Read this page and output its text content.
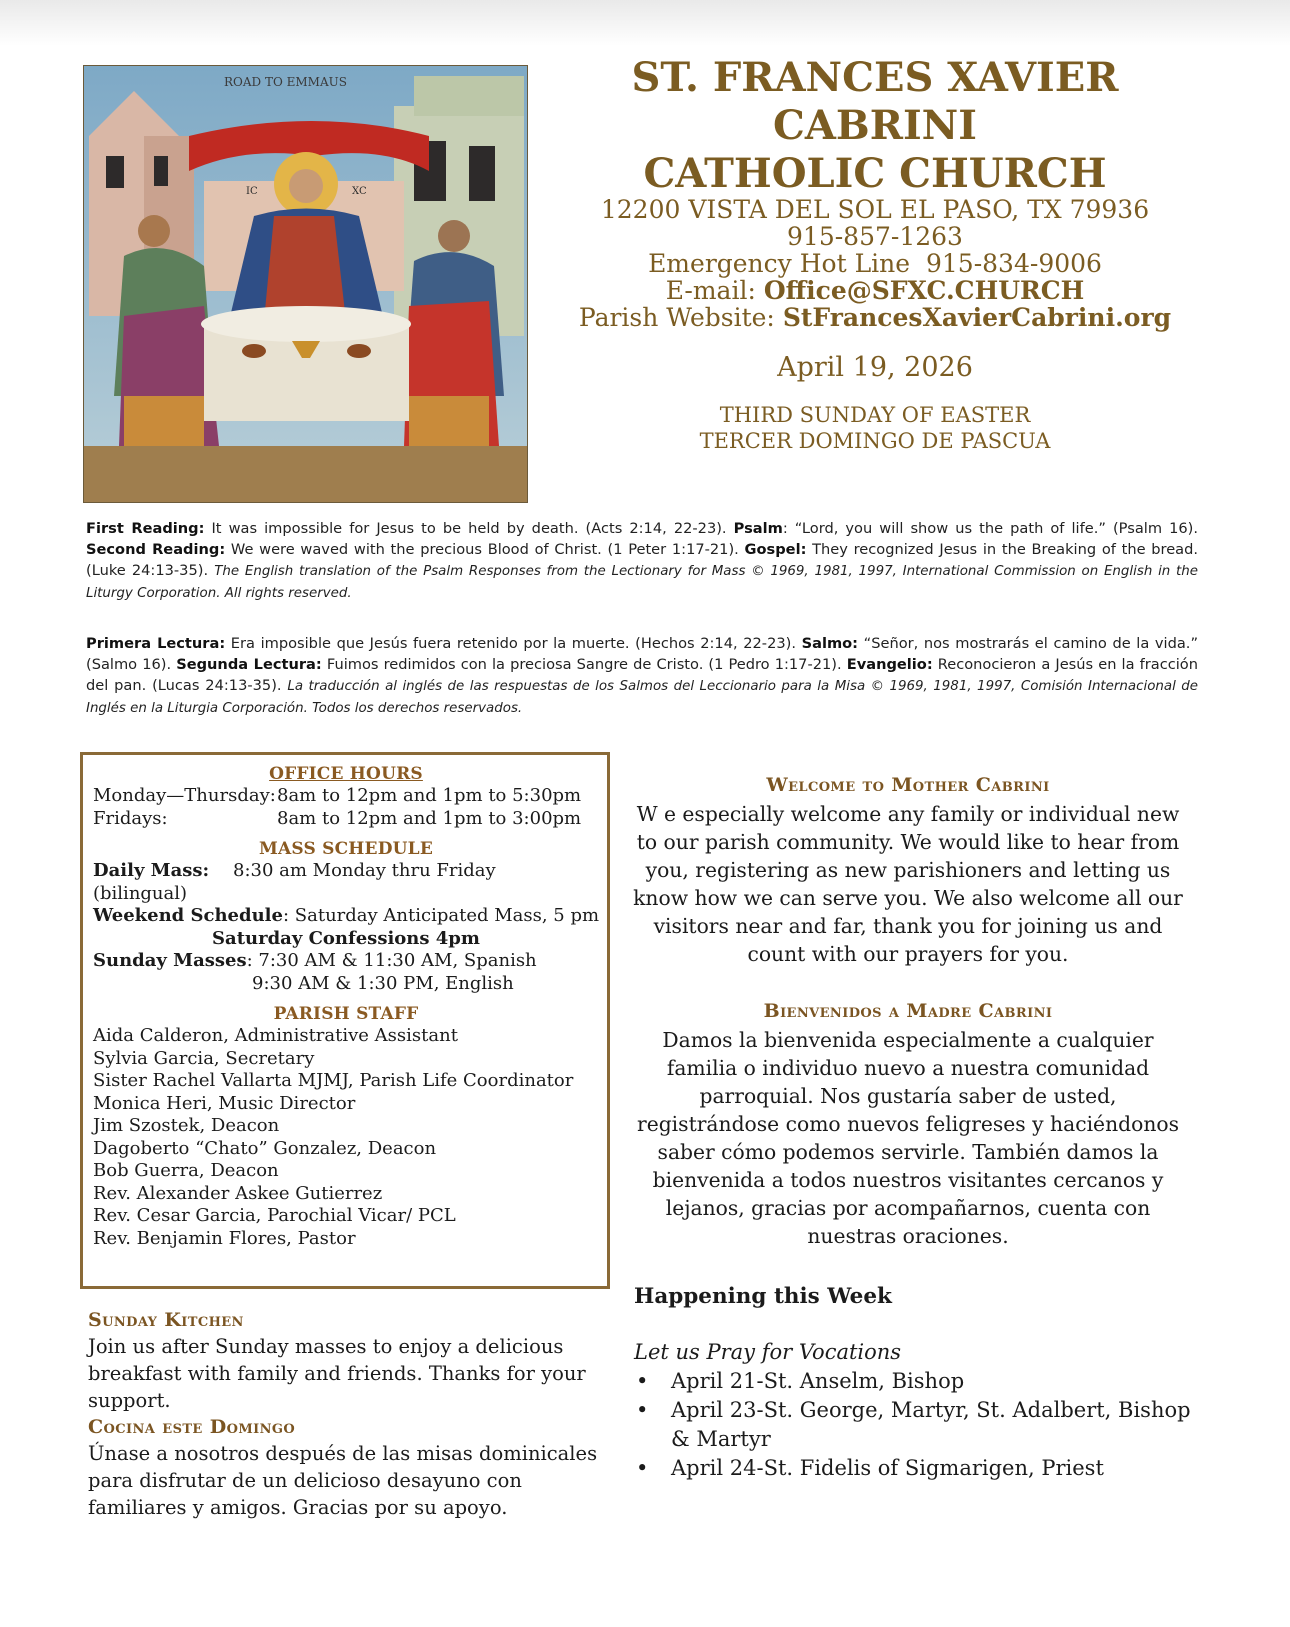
ROAD TO EMMAUS
IC	XC
ST. FRANCES XAVIER CABRINI
CATHOLIC CHURCH
12200 VISTA DEL SOL EL PASO, TX 79936
915-857-1263
Emergency Hot Line 915-834-9006
E-mail: Office@SFXC.CHURCH
Parish Website: StFrancesXavierCabrini.org
April 19, 2026
THIRD SUNDAY OF EASTER
TERCER DOMINGO DE PASCUA

First Reading: It was impossible for Jesus to be held by death. (Acts 2:14, 22-23). Psalm: “Lord, you will show us the path of life.” (Psalm 16). Second Reading: We were waved with the precious Blood of Christ. (1 Peter 1:17-21). Gospel: They recognized Jesus in the Breaking of the bread. (Luke 24:13-35). The English translation of the Psalm Responses from the Lectionary for Mass © 1969, 1981, 1997, International Commission on English in the Liturgy Corporation. All rights reserved.

Primera Lectura: Era imposible que Jesús fuera retenido por la muerte. (Hechos 2:14, 22-23). Salmo: “Señor, nos mostrarás el camino de la vida.” (Salmo 16). Segunda Lectura: Fuimos redimidos con la preciosa Sangre de Cristo. (1 Pedro 1:17-21). Evangelio: Reconocieron a Jesús en la fracción del pan. (Lucas 24:13-35). La traducción al inglés de las respuestas de los Salmos del Leccionario para la Misa © 1969, 1981, 1997, Comisión Internacional de Inglés en la Liturgia Corporación. Todos los derechos reservados.

OFFICE HOURS
Monday—Thursday: 8am to 12pm and 1pm to 5:30pm
Fridays:	8am to 12pm and 1pm to 3:00pm
MASS SCHEDULE
Daily Mass:	8:30 am Monday thru Friday
(bilingual)
Weekend Schedule : Saturday Anticipated Mass, 5 pm
Saturday Confessions 4pm
Sunday Masses : 7:30 AM & 11:30 AM, Spanish
9:30 AM & 1:30 PM, English
PARISH STAFF
Aida Calderon, Administrative Assistant
Sylvia Garcia, Secretary
Sister Rachel Vallarta MJMJ, Parish Life Coordinator
Monica Heri, Music Director
Jim Szostek, Deacon
Dagoberto “Chato” Gonzalez, Deacon
Bob Guerra, Deacon
Rev. Alexander Askee Gutierrez
Rev. Cesar Garcia, Parochial Vicar/ PCL
Rev. Benjamin Flores, Pastor
Welcome to Mother Cabrini
W e especially welcome any family or individual new to our parish community. We would like to hear from you, registering as new parishioners and letting us know how we can serve you. We also welcome all our visitors near and far, thank you for joining us and count with our prayers for you.
Bienvenidos a Madre Cabrini
Damos la bienvenida especialmente a cualquier familia o individuo nuevo a nuestra comunidad parroquial. Nos gustaría saber de usted, registrándose como nuevos feligreses y haciéndonos saber cómo podemos servirle. También damos la bienvenida a todos nuestros visitantes cercanos y lejanos, gracias por acompañarnos, cuenta con nuestras oraciones.
Sunday Kitchen
Join us after Sunday masses to enjoy a delicious breakfast with family and friends. Thanks for your support.
Cocina este Domingo
Únase a nosotros después de las misas dominicales para disfrutar de un delicioso desayuno con familiares y amigos. Gracias por su apoyo.
Happening this Week
Let us Pray for Vocations
• April 21-St. Anselm, Bishop
• April 23-St. George, Martyr, St. Adalbert, Bishop & Martyr
• April 24-St. Fidelis of Sigmarigen, Priest
